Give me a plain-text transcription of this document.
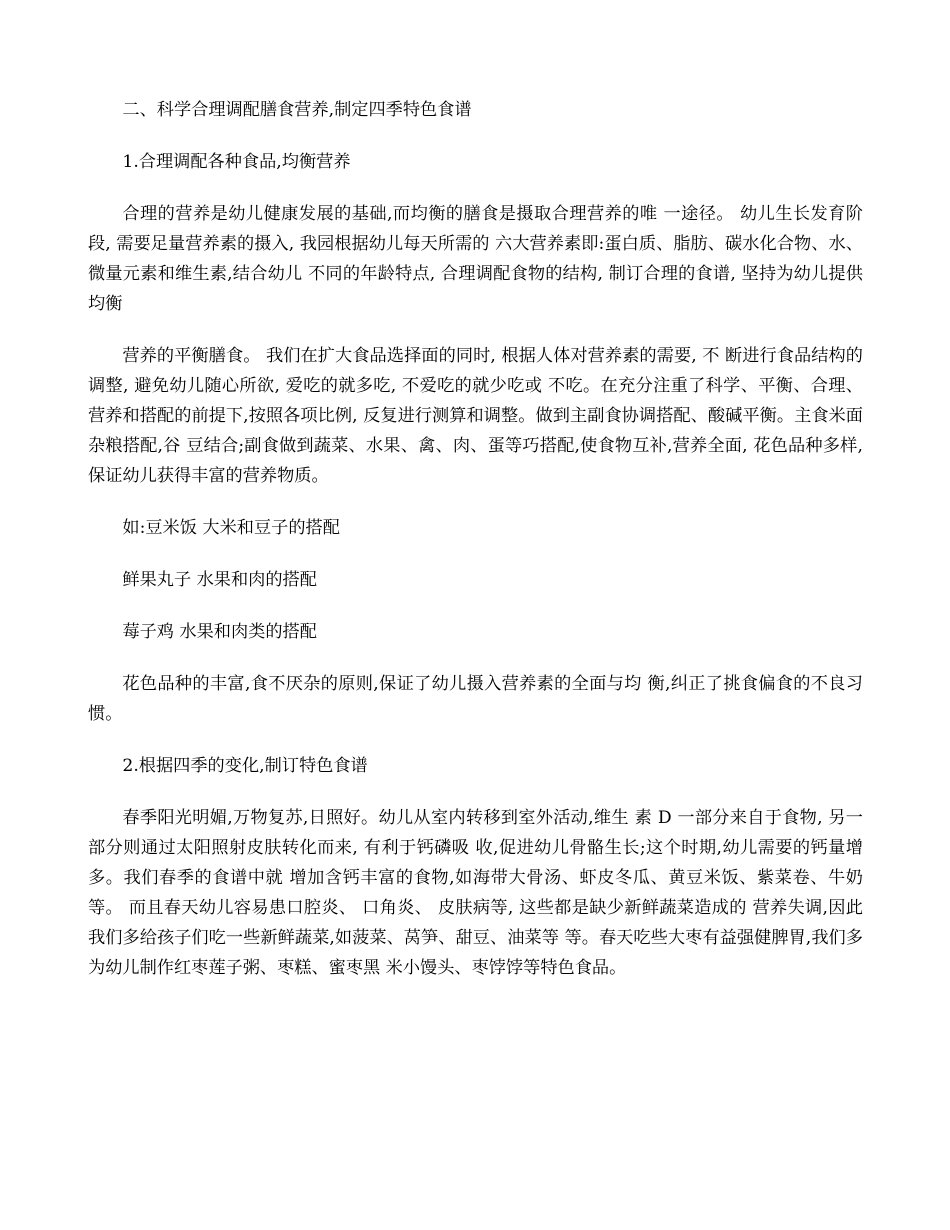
二、科学合理调配膳食营养,制定四季特色食谱

1.合理调配各种食品,均衡营养

合理的营养是幼儿健康发展的基础,而均衡的膳食是摄取合理营养的唯 一途径。 幼儿生长发育阶段, 需要足量营养素的摄入, 我园根据幼儿每天所需的 六大营养素即:蛋白质、脂肪、碳水化合物、水、微量元素和维生素,结合幼儿 不同的年龄特点, 合理调配食物的结构, 制订合理的食谱, 坚持为幼儿提供均衡

营养的平衡膳食。 我们在扩大食品选择面的同时, 根据人体对营养素的需要, 不 断进行食品结构的调整, 避免幼儿随心所欲, 爱吃的就多吃, 不爱吃的就少吃或 不吃。在充分注重了科学、平衡、合理、营养和搭配的前提下,按照各项比例, 反复进行测算和调整。做到主副食协调搭配、酸碱平衡。主食米面杂粮搭配,谷 豆结合;副食做到蔬菜、水果、禽、肉、蛋等巧搭配,使食物互补,营养全面, 花色品种多样,保证幼儿获得丰富的营养物质。

如:豆米饭 大米和豆子的搭配

鲜果丸子 水果和肉的搭配

莓子鸡 水果和肉类的搭配

花色品种的丰富,食不厌杂的原则,保证了幼儿摄入营养素的全面与均 衡,纠正了挑食偏食的不良习惯。

2.根据四季的变化,制订特色食谱

春季阳光明媚,万物复苏,日照好。幼儿从室内转移到室外活动,维生 素 D 一部分来自于食物, 另一部分则通过太阳照射皮肤转化而来, 有利于钙磷吸 收,促进幼儿骨骼生长;这个时期,幼儿需要的钙量增多。我们春季的食谱中就 增加含钙丰富的食物,如海带大骨汤、虾皮冬瓜、黄豆米饭、紫菜卷、牛奶等。 而且春天幼儿容易患口腔炎、 口角炎、 皮肤病等, 这些都是缺少新鲜蔬菜造成的 营养失调,因此我们多给孩子们吃一些新鲜蔬菜,如菠菜、莴笋、甜豆、油菜等 等。春天吃些大枣有益强健脾胃,我们多为幼儿制作红枣莲子粥、枣糕、蜜枣黑 米小馒头、枣饽饽等特色食品。
